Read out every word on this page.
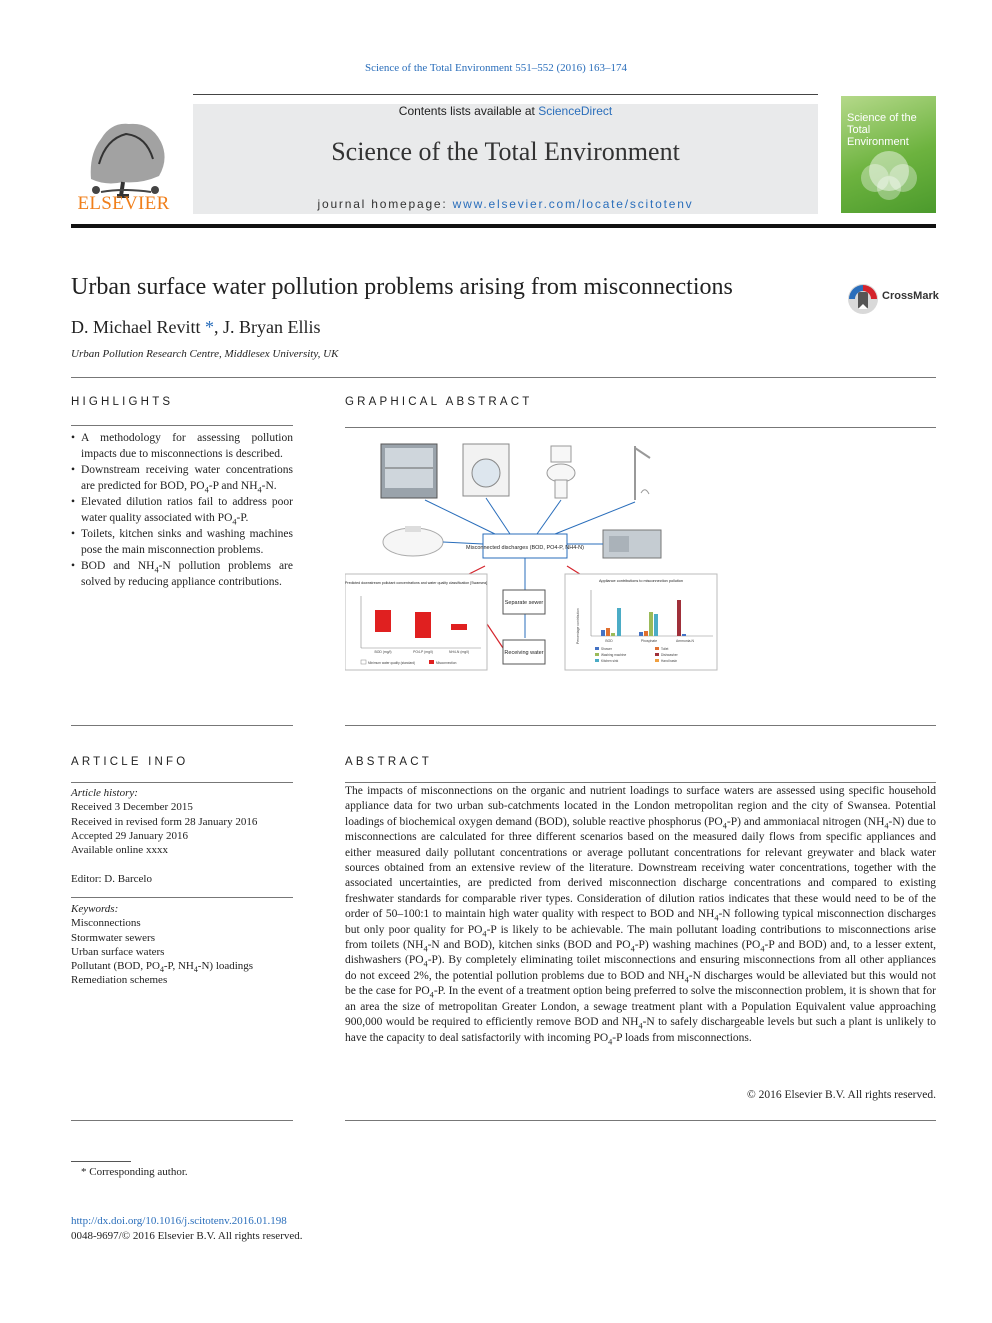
Science of the Total Environment 551–552 (2016) 163–174
ELSEVIER
Contents lists available at ScienceDirect
Science of the Total Environment
journal homepage: www.elsevier.com/locate/scitotenv
Science of the Total Environment
Urban surface water pollution problems arising from misconnections	CrossMark
D. Michael Revitt *, J. Bryan Ellis
Urban Pollution Research Centre, Middlesex University, UK
HIGHLIGHTS
• A methodology for assessing pollution impacts due to misconnections is described.
• Downstream receiving water concentrations are predicted for BOD, $PO_4-P$ and $NH_4-N$.
• Elevated dilution ratios fail to address poor water quality associated with $PO_4-P$.
• Toilets, kitchen sinks and washing machines pose the main misconnection problems.
• BOD and $NH_4-N$ pollution problems are solved by reducing appliance contributions.
GRAPHICAL ABSTRACT
Misconnected discharges (BOD, PO4-P, NH4-N)
Separate sewer
Receiving water
Predicted downstream pollutant concentrations and water quality classification [Swansea]
BOD (mg/l)	PO4-P (mg/l)	NH4-N (mg/l)
Minimum water quality (standard)	Misconnection
Appliance contributions to misconnection pollution
Percentage contribution	BOD	Phosphate	Ammonia-N
Shower	Toilet
Washing machine	Dishwasher
Kitchen sink	Hand basin
ARTICLE INFO
Article history:
Received 3 December 2015
Received in revised form 28 January 2016
Accepted 29 January 2016
Available online xxxx
Editor: D. Barcelo
Keywords:
Misconnections
Stormwater sewers
Urban surface waters
Pollutant (BOD, $PO_4-P$, $NH_4-N$) loadings
Remediation schemes
ABSTRACT
The impacts of misconnections on the organic and nutrient loadings to surface waters are assessed using specific household appliance data for two urban sub-catchments located in the London metropolitan region and the city of Swansea. Potential loadings of biochemical oxygen demand (BOD), soluble reactive phosphorus $(PO_4-P)$ and ammoniacal nitrogen $(NH_4-N)$ due to misconnections are calculated for three different scenarios based on the measured daily flows from specific appliances and either measured daily pollutant concentrations or average pollutant concentrations for relevant greywater and black water sources obtained from an extensive review of the literature. Downstream receiving water concentrations, together with the associated uncertainties, are predicted from derived misconnection discharge concentrations and compared to existing freshwater standards for comparable river types. Consideration of dilution ratios indicates that these would need to be of the order of 50–100:1 to maintain high water quality with respect to BOD and $NH_4-N$ following typical misconnection discharges but only poor quality for $PO_4-P$ is likely to be achievable. The main pollutant loading contributions to misconnections arise from toilets ($NH_4-N$ and BOD), kitchen sinks (BOD and $PO_4-P$) washing machines ($PO_4-P$ and BOD) and, to a lesser extent, dishwashers $(PO_4-P)$. By completely eliminating toilet misconnections and ensuring misconnections from all other appliances do not exceed 2%, the potential pollution problems due to BOD and $NH_4-N$ discharges would be alleviated but this would not be the case for $PO_4-P$. In the event of a treatment option being preferred to solve the misconnection problem, it is shown that for an area the size of metropolitan Greater London, a sewage treatment plant with a Population Equivalent value approaching 900,000 would be required to efficiently remove BOD and $NH_4-N$ to safely dischargeable levels but such a plant is unlikely to have the capacity to deal satisfactorily with incoming $PO_4-P$ loads from misconnections.
© 2016 Elsevier B.V. All rights reserved.
* Corresponding author.
http://dx.doi.org/10.1016/j.scitotenv.2016.01.198
0048-9697/© 2016 Elsevier B.V. All rights reserved.
